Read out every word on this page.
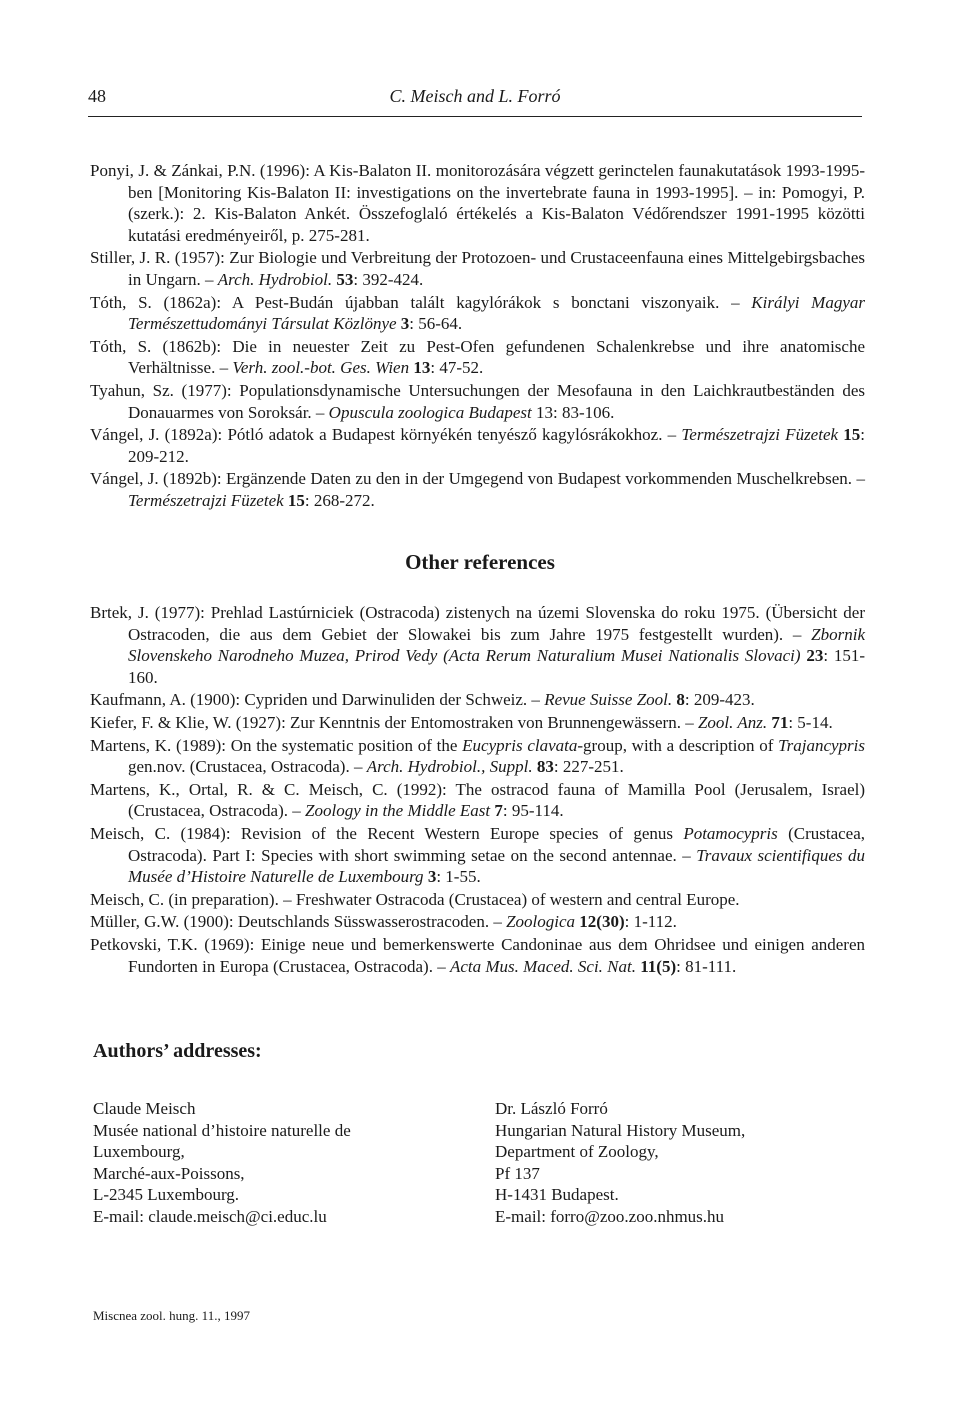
48	C. Meisch and L. Forró

Ponyi, J. & Zánkai, P.N. (1996): A Kis-Balaton II. monitorozására végzett gerinctelen faunakutatások 1993-1995-ben [Monitoring Kis-Balaton II: investigations on the invertebrate fauna in 1993-1995]. – in: Pomogyi, P. (szerk.): 2. Kis-Balaton Ankét. Összefoglaló értékelés a Kis-Balaton Védőrendszer 1991-1995 közötti kutatási eredményeiről, p. 275-281.

Stiller, J. R. (1957): Zur Biologie und Verbreitung der Protozoen- und Crustaceenfauna eines Mittelgebirgsbaches in Ungarn. – Arch. Hydrobiol. 53: 392-424.

Tóth, S. (1862a): A Pest-Budán újabban talált kagylórákok s bonctani viszonyaik. – Királyi Magyar Természettudományi Társulat Közlönye 3: 56-64.

Tóth, S. (1862b): Die in neuester Zeit zu Pest-Ofen gefundenen Schalenkrebse und ihre anatomische Verhältnisse. – Verh. zool.-bot. Ges. Wien 13: 47-52.

Tyahun, Sz. (1977): Populationsdynamische Untersuchungen der Mesofauna in den Laichkrautbeständen des Donauarmes von Soroksár. – Opuscula zoologica Budapest 13: 83-106.

Vángel, J. (1892a): Pótló adatok a Budapest környékén tenyésző kagylósrákokhoz. – Természetrajzi Füzetek 15: 209-212.

Vángel, J. (1892b): Ergänzende Daten zu den in der Umgegend von Budapest vorkommenden Muschelkrebsen. – Természetrajzi Füzetek 15: 268-272.

Other references

Brtek, J. (1977): Prehlad Lastúrniciek (Ostracoda) zistenych na územi Slovenska do roku 1975. (Übersicht der Ostracoden, die aus dem Gebiet der Slowakei bis zum Jahre 1975 festgestellt wurden). – Zbornik Slovenskeho Narodneho Muzea, Prirod Vedy (Acta Rerum Naturalium Musei Nationalis Slovaci) 23: 151-160.

Kaufmann, A. (1900): Cypriden und Darwinuliden der Schweiz. – Revue Suisse Zool. 8: 209-423.

Kiefer, F. & Klie, W. (1927): Zur Kenntnis der Entomostraken von Brunnengewässern. – Zool. Anz. 71: 5-14.

Martens, K. (1989): On the systematic position of the Eucypris clavata-group, with a description of Trajancypris gen.nov. (Crustacea, Ostracoda). – Arch. Hydrobiol., Suppl. 83: 227-251.

Martens, K., Ortal, R. & C. Meisch, C. (1992): The ostracod fauna of Mamilla Pool (Jerusalem, Israel) (Crustacea, Ostracoda). – Zoology in the Middle East 7: 95-114.

Meisch, C. (1984): Revision of the Recent Western Europe species of genus Potamocypris (Crustacea, Ostracoda). Part I: Species with short swimming setae on the second antennae. – Travaux scientifiques du Musée d’Histoire Naturelle de Luxembourg 3: 1-55.

Meisch, C. (in preparation). – Freshwater Ostracoda (Crustacea) of western and central Europe.

Müller, G.W. (1900): Deutschlands Süsswasserostracoden. – Zoologica 12(30): 1-112.

Petkovski, T.K. (1969): Einige neue und bemerkenswerte Candoninae aus dem Ohridsee und einigen anderen Fundorten in Europa (Crustacea, Ostracoda). – Acta Mus. Maced. Sci. Nat. 11(5): 81-111.

Authors’ addresses:
Claude Meisch
Musée national d’histoire naturelle de
Luxembourg,
Marché-aux-Poissons,
L-2345 Luxembourg.
E-mail: claude.meisch@ci.educ.lu
Dr. László Forró
Hungarian Natural History Museum,
Department of Zoology,
Pf 137
H-1431 Budapest.
E-mail: forro@zoo.zoo.nhmus.hu
Miscnea zool. hung. 11., 1997
